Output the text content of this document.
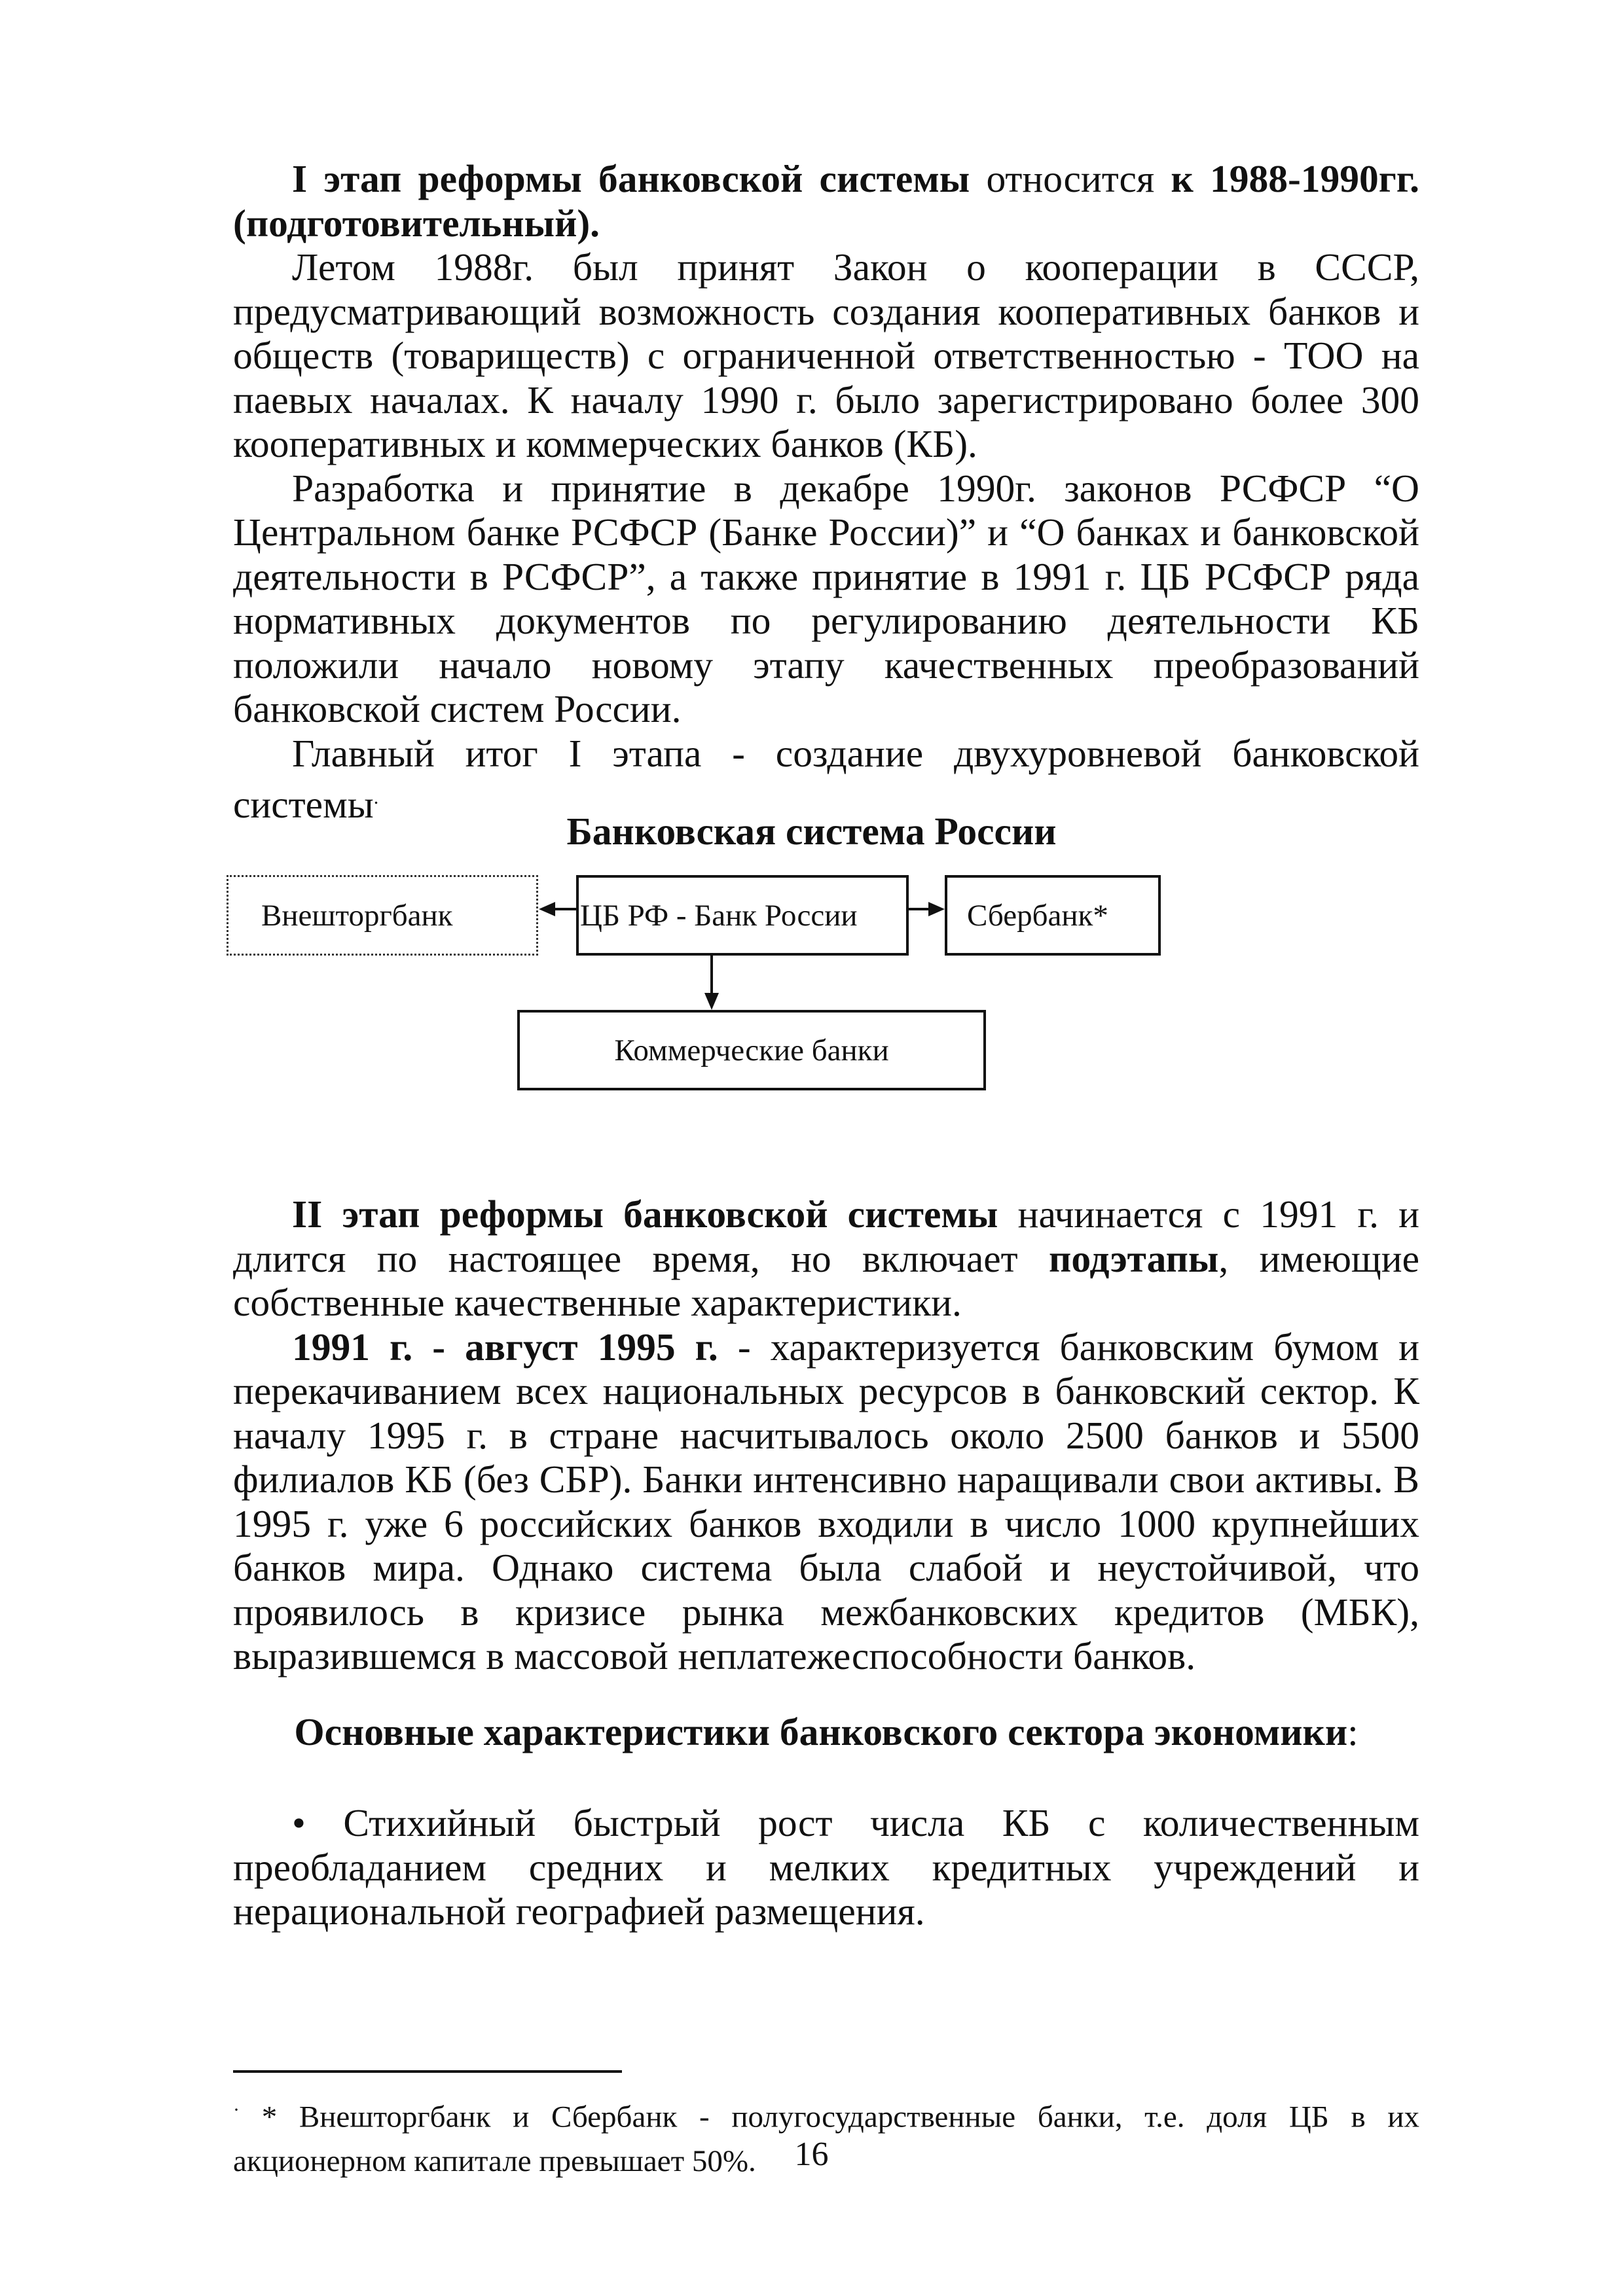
I этап реформы банковской системы относится к 1988-1990гг. (подготовительный).

Летом 1988г. был принят Закон о кооперации в СССР, предусматривающий возможность создания кооперативных банков и обществ (товариществ) с ограниченной ответственностью - ТОО на паевых началах. К началу 1990 г. было зарегистрировано более 300 кооперативных и коммерческих банков (КБ).

Разработка и принятие в декабре 1990г. законов РСФСР “О Центральном банке РСФСР (Банке России)” и “О банках и банковской деятельности в РСФСР”, а также принятие в 1991 г. ЦБ РСФСР ряда нормативных документов по регулированию деятельности КБ положили начало новому этапу качественных преобразований банковской систем России.

Главный итог I этапа - создание двухуровневой банковской системы.

Банковская система России
Внешторгбанк	ЦБ РФ - Банк России	Сбербанк*
Коммерческие банки

II этап реформы банковской системы начинается с 1991 г. и длится по настоящее время, но включает подэтапы, имеющие собственные качественные характеристики.

1991 г. - август 1995 г. - характеризуется банковским бумом и перекачиванием всех национальных ресурсов в банковский сектор. К началу 1995 г. в стране насчитывалось около 2500 банков и 5500 филиалов КБ (без СБР). Банки интенсивно наращивали свои активы. В 1995 г. уже 6 российских банков входили в число 1000 крупнейших банков мира. Однако система была слабой и неустойчивой, что проявилось в кризисе рынка межбанковских кредитов (МБК), выразившемся в массовой неплатежеспособности банков.

Основные характеристики банковского сектора экономики:

• Стихийный быстрый рост числа КБ с количественным преобладанием средних и мелких кредитных учреждений и нерациональной географией размещения.

· * Внешторгбанк и Сбербанк - полугосударственные банки, т.е. доля ЦБ в их акционерном капитале превышает 50%.	16
